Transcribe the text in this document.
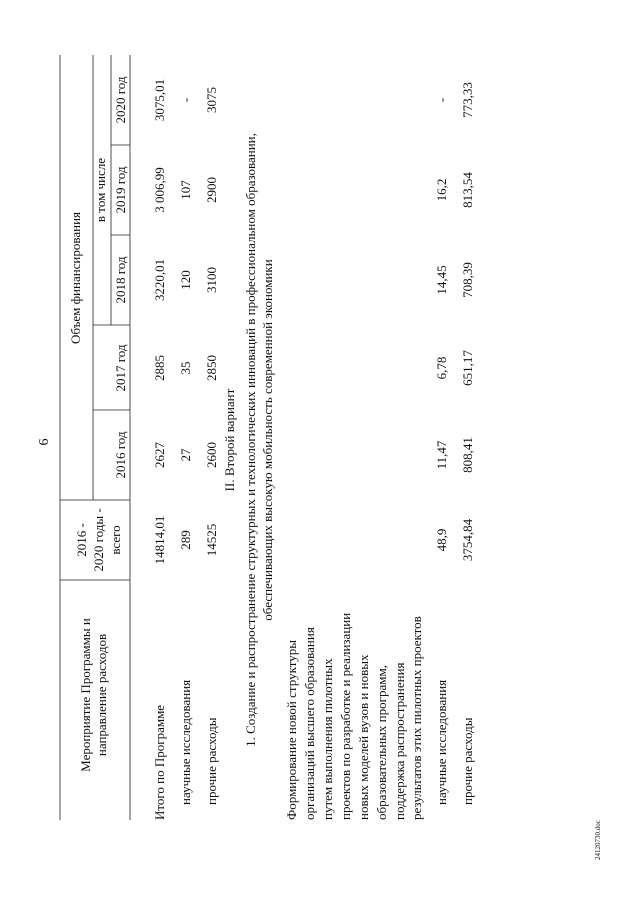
6
Мероприятие Программы и направление расходов
2016 - 2020 годы - всего
Объем финансирования
в том числе
2016 год
2017 год
2018 год
2019 год
2020 год
Итого по Программе
14814,01
2627
2885
3220,01
3 006,99
3075,01
научные исследования
289
27
35
120
107
-
прочие расходы
14525
2600
2850
3100
2900
3075
II. Второй вариант 1. Создание и распространение структурных и технологических инноваций в профессиональном образовании, обеспечивающих высокую мобильность современной экономики
Формирование новой структуры организаций высшего образования путем выполнения пилотных проектов по разработке и реализации новых моделей вузов и новых образовательных программ, поддержка распространения результатов этих пилотных проектов научные исследования
48,9
11,47
6,78
14,45
16,2
-
прочие расходы
3754,84
808,41
651,17
708,39
813,54
773,33
24120730.doc
